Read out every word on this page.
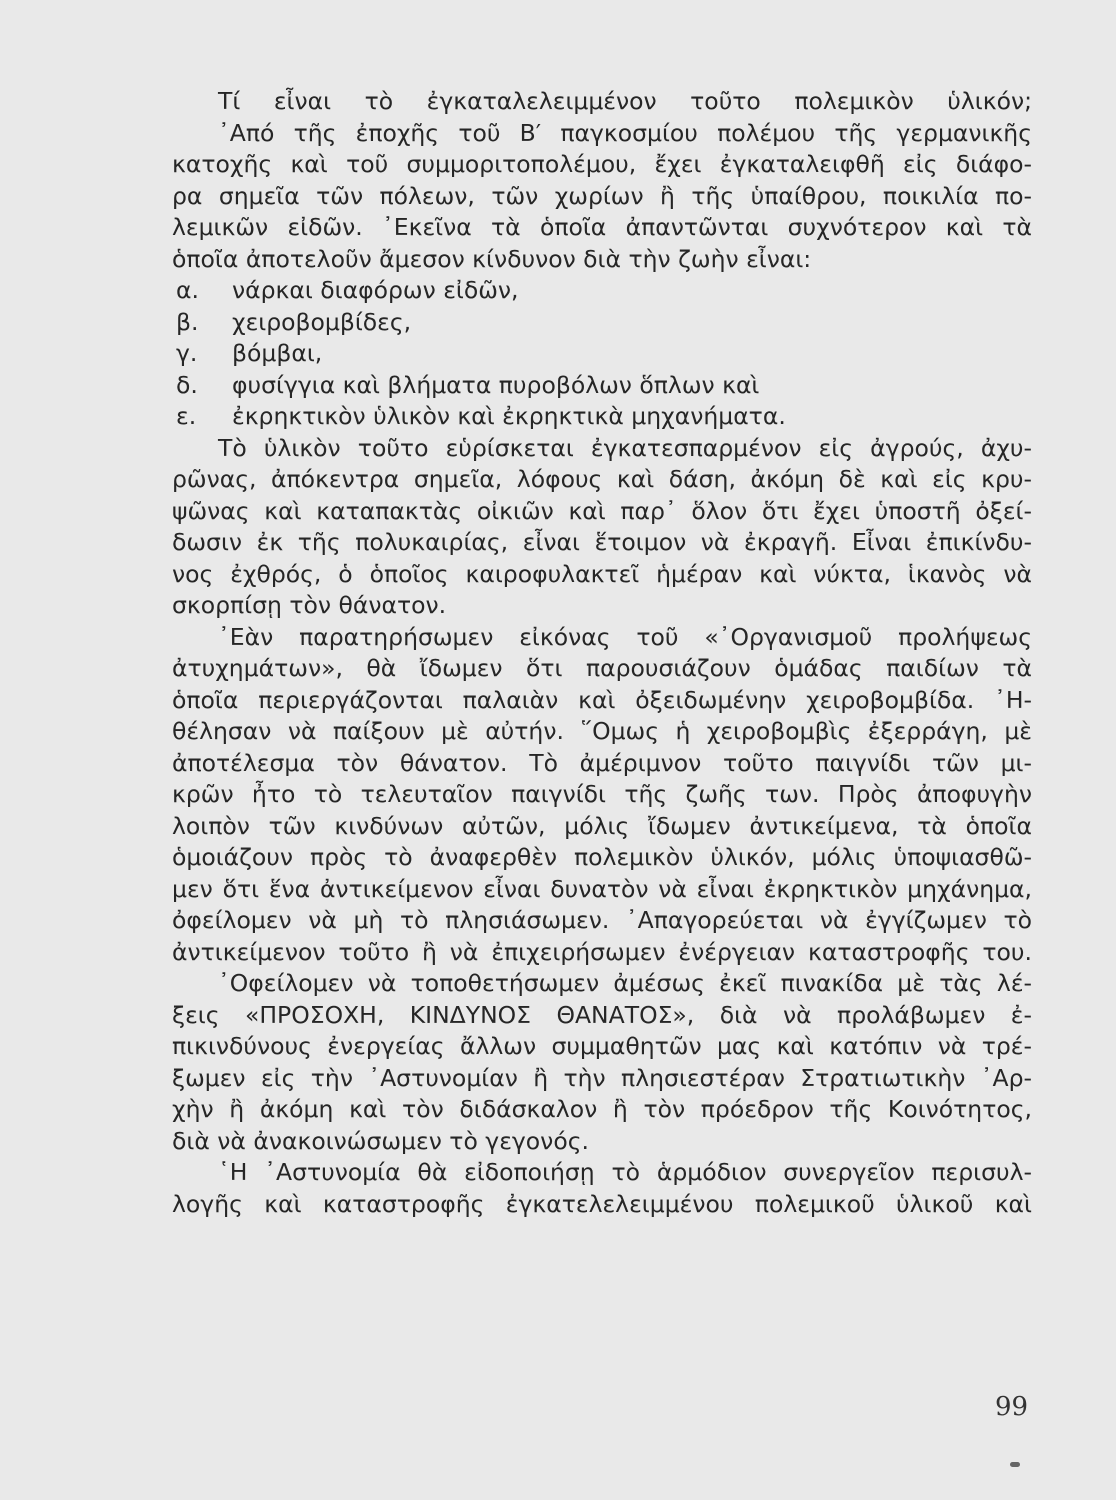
Τί εἶναι τὸ ἐγκαταλελειμμένον τοῦτο πολεμικὸν ὑλικόν;
᾽Από τῆς ἐποχῆς τοῦ Β′ παγκοσμίου πολέμου τῆς γερμανικῆς
κατοχῆς καὶ τοῦ συμμοριτοπολέμου, ἔχει ἐγκαταλειφθῆ εἰς διάφο-
ρα σημεῖα τῶν πόλεων, τῶν χωρίων ἢ τῆς ὑπαίθρου, ποικιλία πο-
λεμικῶν εἰδῶν. ᾽Εκεῖνα τὰ ὁποῖα ἀπαντῶνται συχνότερον καὶ τὰ
ὁποῖα ἀποτελοῦν ἄμεσον κίνδυνον διὰ τὴν ζωὴν εἶναι:
α. νάρκαι διαφόρων εἰδῶν,
β. χειροβομβίδες,
γ. βόμβαι,
δ. φυσίγγια καὶ βλήματα πυροβόλων ὅπλων καὶ
ε. ἐκρηκτικὸν ὑλικὸν καὶ ἐκρηκτικὰ μηχανήματα.
Τὸ ὑλικὸν τοῦτο εὑρίσκεται ἐγκατεσπαρμένον εἰς ἀγρούς, ἀχυ-
ρῶνας, ἀπόκεντρα σημεῖα, λόφους καὶ δάση, ἀκόμη δὲ καὶ εἰς κρυ-
ψῶνας καὶ καταπακτὰς οἰκιῶν καὶ παρ᾽ ὅλον ὅτι ἔχει ὑποστῆ ὀξεί-
δωσιν ἐκ τῆς πολυκαιρίας, εἶναι ἕτοιμον νὰ ἐκραγῆ. Εἶναι ἐπικίνδυ-
νος ἐχθρός, ὁ ὁποῖος καιροφυλακτεῖ ἡμέραν καὶ νύκτα, ἱκανὸς νὰ
σκορπίσῃ τὸν θάνατον.
᾽Εὰν παρατηρήσωμεν εἰκόνας τοῦ «᾽Οργανισμοῦ προλήψεως
ἀτυχημάτων», θὰ ἴδωμεν ὅτι παρουσιάζουν ὁμάδας παιδίων τὰ
ὁποῖα περιεργάζονται παλαιὰν καὶ ὀξειδωμένην χειροβομβίδα. ᾽Η-
θέλησαν νὰ παίξουν μὲ αὐτήν. ῞Ομως ἡ χειροβομβὶς ἐξερράγη, μὲ
ἀποτέλεσμα τὸν θάνατον. Τὸ ἀμέριμνον τοῦτο παιγνίδι τῶν μι-
κρῶν ἦτο τὸ τελευταῖον παιγνίδι τῆς ζωῆς των. Πρὸς ἀποφυγὴν
λοιπὸν τῶν κινδύνων αὐτῶν, μόλις ἴδωμεν ἀντικείμενα, τὰ ὁποῖα
ὁμοιάζουν πρὸς τὸ ἀναφερθὲν πολεμικὸν ὑλικόν, μόλις ὑποψιασθῶ-
μεν ὅτι ἕνα ἀντικείμενον εἶναι δυνατὸν νὰ εἶναι ἐκρηκτικὸν μηχάνημα,
ὀφείλομεν νὰ μὴ τὸ πλησιάσωμεν. ᾽Απαγορεύεται νὰ ἐγγίζωμεν τὸ
ἀντικείμενον τοῦτο ἢ νὰ ἐπιχειρήσωμεν ἐνέργειαν καταστροφῆς του.
᾽Οφείλομεν νὰ τοποθετήσωμεν ἀμέσως ἐκεῖ πινακίδα μὲ τὰς λέ-
ξεις «ΠΡΟΣΟΧΗ, ΚΙΝΔΥΝΟΣ ΘΑΝΑΤΟΣ», διὰ νὰ προλάβωμεν ἐ-
πικινδύνους ἐνεργείας ἄλλων συμμαθητῶν μας καὶ κατόπιν νὰ τρέ-
ξωμεν εἰς τὴν ᾽Αστυνομίαν ἢ τὴν πλησιεστέραν Στρατιωτικὴν ᾽Αρ-
χὴν ἢ ἀκόμη καὶ τὸν διδάσκαλον ἢ τὸν πρόεδρον τῆς Κοινότητος,
διὰ νὰ ἀνακοινώσωμεν τὸ γεγονός.
῾Η ᾽Αστυνομία θὰ εἰδοποιήσῃ τὸ ἁρμόδιον συνεργεῖον περισυλ-
λογῆς καὶ καταστροφῆς ἐγκατελελειμμένου πολεμικοῦ ὑλικοῦ καὶ
99
